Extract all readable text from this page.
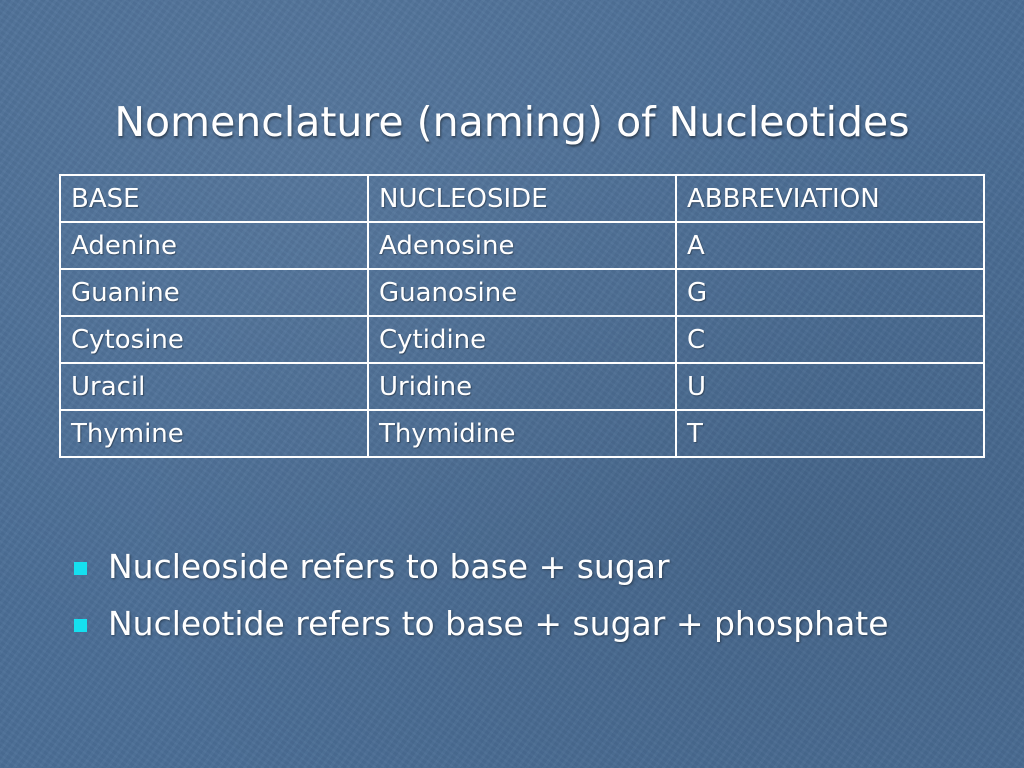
Nomenclature (naming) of Nucleotides
BASE	NUCLEOSIDE	ABBREVIATION
Adenine	Adenosine	A
Guanine	Guanosine	G
Cytosine	Cytidine	C
Uracil	Uridine	U
Thymine	Thymidine	T
Nucleoside refers to base + sugar
Nucleotide refers to base + sugar + phosphate
